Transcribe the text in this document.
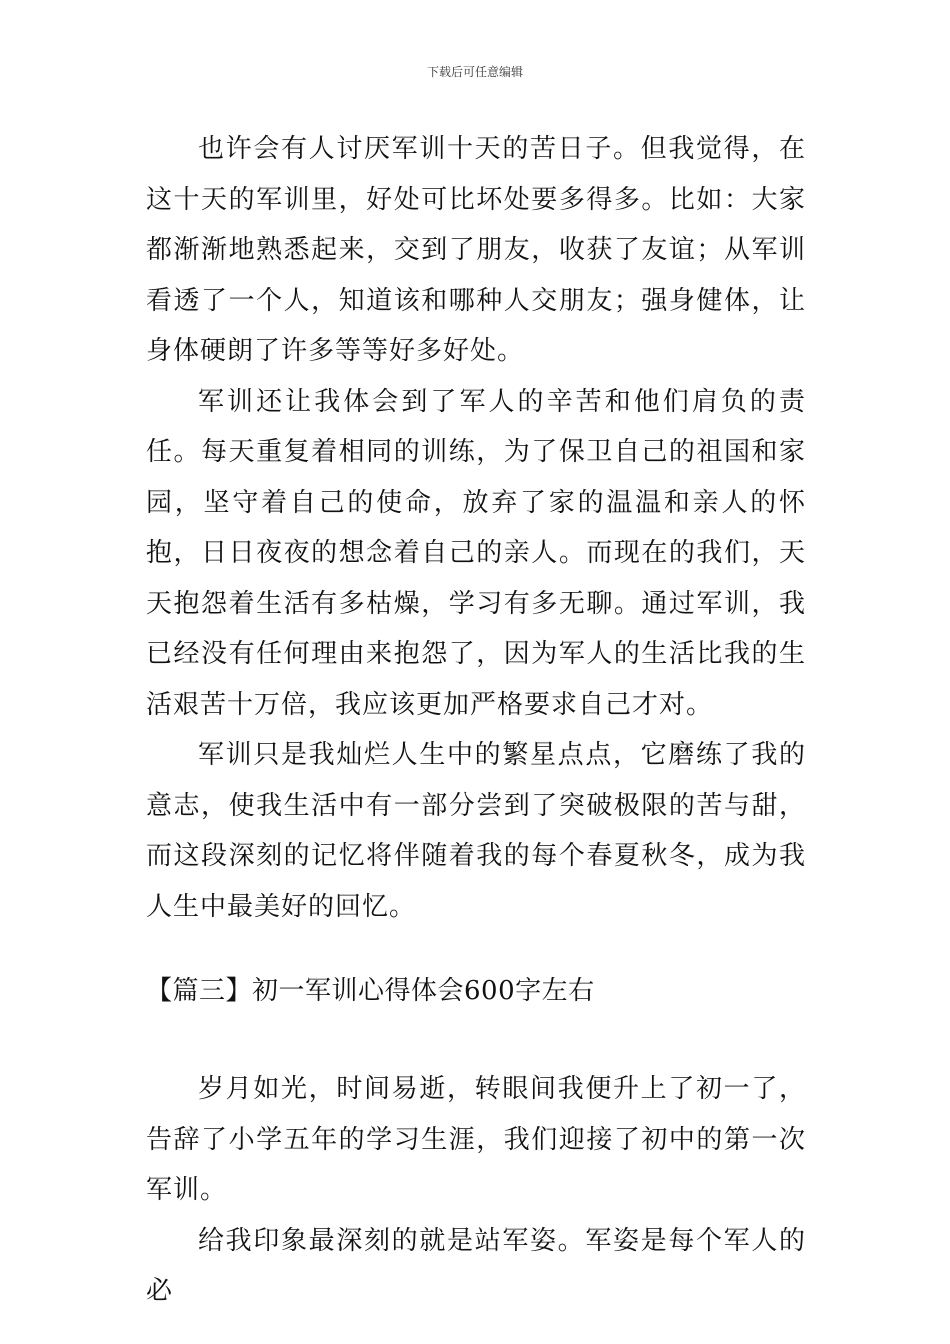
下载后可任意编辑

也许会有人讨厌军训十天的苦日子。但我觉得，在这十天的军训里，好处可比坏处要多得多。比如：大家都渐渐地熟悉起来，交到了朋友，收获了友谊；从军训看透了一个人，知道该和哪种人交朋友；强身健体，让身体硬朗了许多等等好多好处。

军训还让我体会到了军人的辛苦和他们肩负的责任。每天重复着相同的训练，为了保卫自己的祖国和家园，坚守着自己的使命，放弃了家的温温和亲人的怀抱，日日夜夜的想念着自己的亲人。而现在的我们，天天抱怨着生活有多枯燥，学习有多无聊。通过军训，我已经没有任何理由来抱怨了，因为军人的生活比我的生活艰苦十万倍，我应该更加严格要求自己才对。

军训只是我灿烂人生中的繁星点点，它磨练了我的意志，使我生活中有一部分尝到了突破极限的苦与甜，而这段深刻的记忆将伴随着我的每个春夏秋冬，成为我人生中最美好的回忆。

【篇三】初一军训心得体会600字左右

岁月如光，时间易逝，转眼间我便升上了初一了，告辞了小学五年的学习生涯，我们迎接了初中的第一次军训。

给我印象最深刻的就是站军姿。军姿是每个军人的必
